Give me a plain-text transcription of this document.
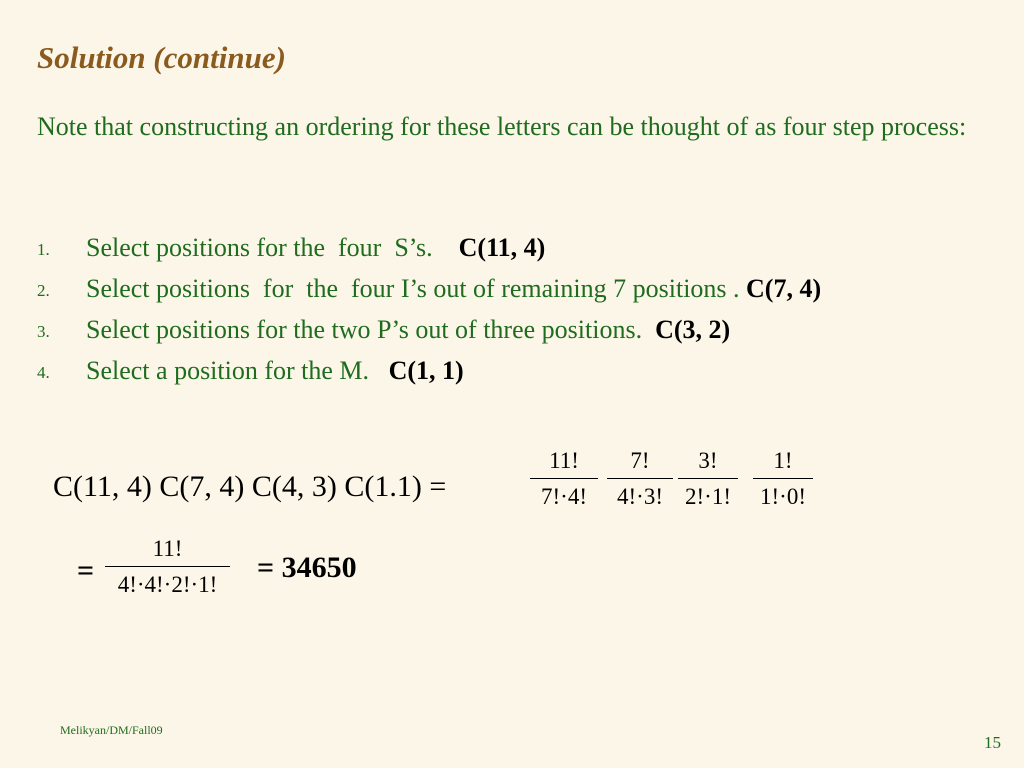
Solution (continue)
Note that constructing an ordering for these letters can be thought of as four step process:
1. Select positions for the  four  S’s.    C(11, 4)
2. Select positions  for  the  four I’s out of remaining 7 positions . C(7, 4)
3. Select positions for the two P’s out of three positions.  C(3, 2)
4. Select a position for the M.   C(1, 1)
C(11, 4) C(7, 4) C(4, 3) C(1.1) =
11!
7!·4!
7!
4!·3!
3!
2!·1!
1!
1!·0!
=
11!
4!·4!·2!·1!
= 34650
Melikyan/DM/Fall09
15
